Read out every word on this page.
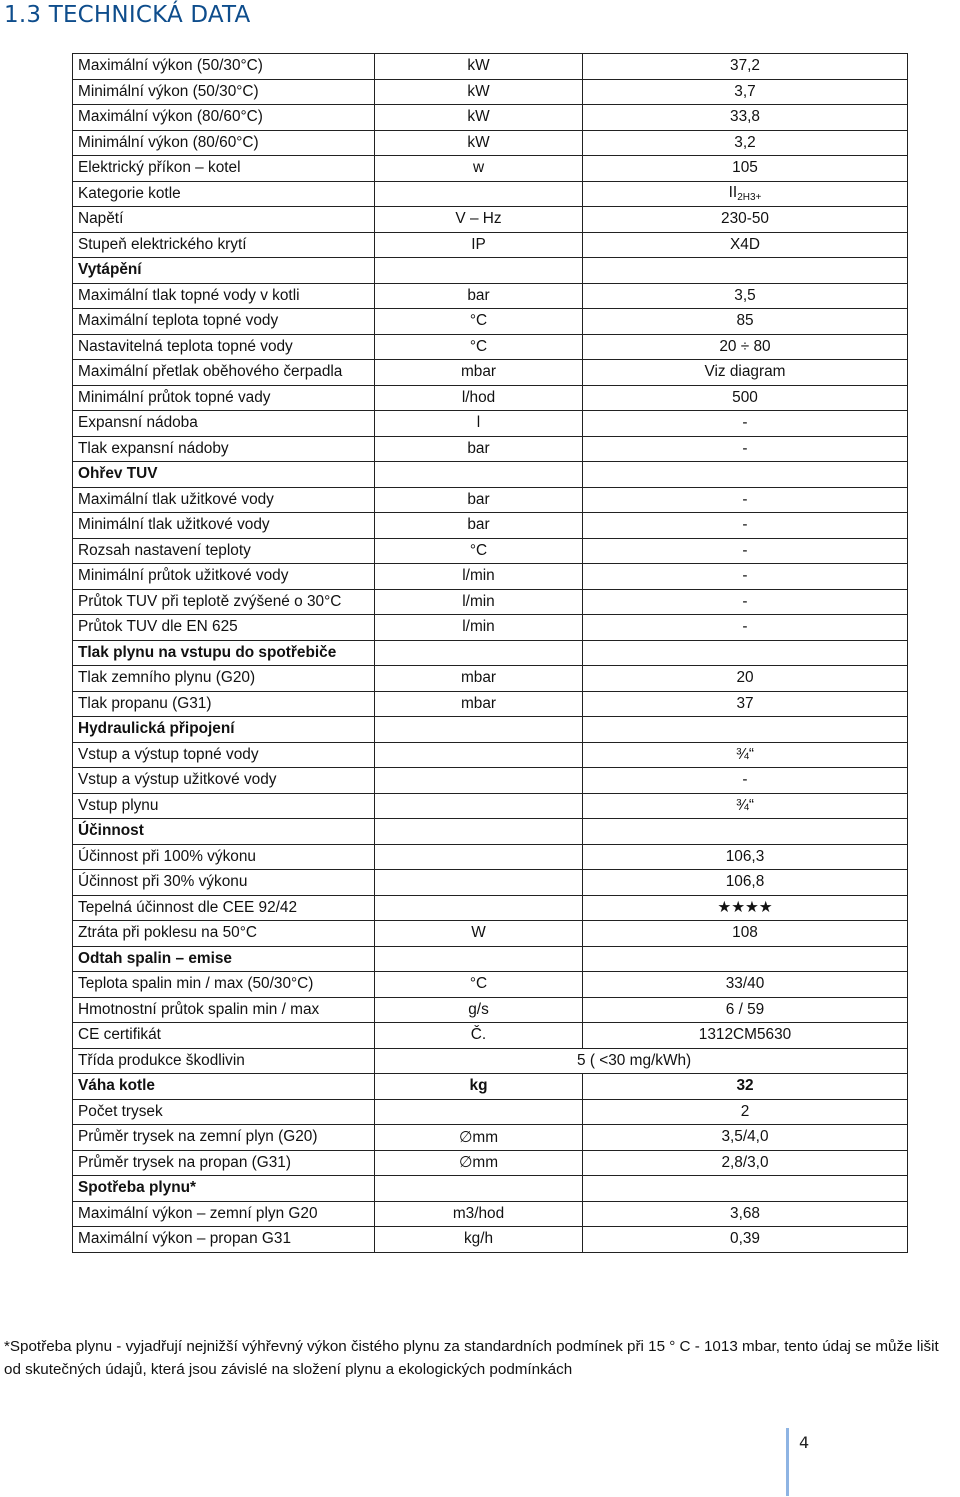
1.3 TECHNICKÁ DATA
Maximální výkon (50/30°C)	kW	37,2
Minimální výkon (50/30°C)	kW	3,7
Maximální výkon (80/60°C)	kW	33,8
Minimální výkon (80/60°C)	kW	3,2
Elektrický příkon – kotel	w	105
Kategorie kotle		$II_{2H3+}$
Napětí	V – Hz	230-50
Stupeň elektrického krytí	IP	X4D
Vytápění		
Maximální tlak topné vody v kotli	bar	3,5
Maximální teplota topné vody	°C	85
Nastavitelná teplota topné vody	°C	20 ÷ 80
Maximální přetlak oběhového čerpadla	mbar	Viz diagram
Minimální průtok topné vady	l/hod	500
Expansní nádoba	l	-
Tlak expansní nádoby	bar	-
Ohřev TUV		
Maximální tlak užitkové vody	bar	-
Minimální tlak užitkové vody	bar	-
Rozsah nastavení teploty	°C	-
Minimální průtok užitkové vody	l/min	-
Průtok TUV při teplotě zvýšené o 30°C	l/min	-
Průtok TUV dle EN 625	l/min	-
Tlak plynu na vstupu do spotřebiče		
Tlak zemního plynu (G20)	mbar	20
Tlak propanu (G31)	mbar	37
Hydraulická připojení		
Vstup a výstup topné vody		¾“
Vstup a výstup užitkové vody		-
Vstup plynu		¾“
Účinnost		
Účinnost při 100% výkonu		106,3
Účinnost při 30% výkonu		106,8
Tepelná účinnost dle CEE 92/42		★★★★
Ztráta při poklesu na 50°C	W	108
Odtah spalin – emise		
Teplota spalin min / max (50/30°C)	°C	33/40
Hmotnostní průtok spalin min / max	g/s	6 / 59
CE certifikát	Č.	1312CM5630
Třída produkce škodlivin	5 ( <30 mg/kWh)	
Váha kotle	kg	32
Počet trysek		2
Průměr trysek na zemní plyn (G20)	∅mm	3,5/4,0
Průměr trysek na propan (G31)	∅mm	2,8/3,0
Spotřeba plynu*		
Maximální výkon – zemní plyn G20	m3/hod	3,68
Maximální výkon – propan G31	kg/h	0,39
*Spotřeba plynu - vyjadřují nejnižší výhřevný výkon čistého plynu za standardních podmínek při 15 ° C - 1013 mbar, tento údaj se může lišit od skutečných údajů, která jsou závislé na složení plynu a ekologických podmínkách
4
